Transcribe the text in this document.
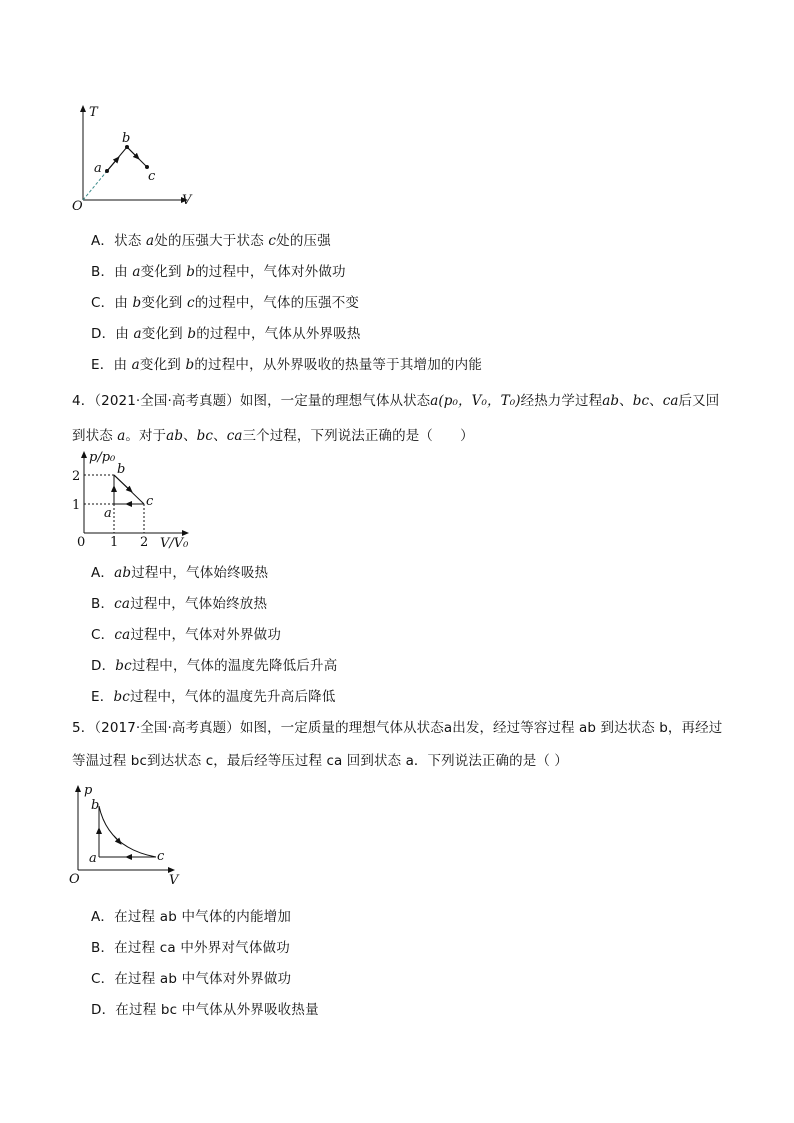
T
V
O
a
b
c
A．状态 a处的压强大于状态 c处的压强
B．由 a变化到 b的过程中，气体对外做功
C．由 b变化到 c的过程中，气体的压强不变
D．由 a变化到 b的过程中，气体从外界吸热
E．由 a变化到 b的过程中，从外界吸收的热量等于其增加的内能
4．（2021·全国·高考真题）如图，一定量的理想气体从状态a(p₀，V₀，T₀)经热力学过程ab、bc、ca后又回
到状态 a。对于ab、bc、ca三个过程，下列说法正确的是（　　）
p/p₀
V/V₀
0
2
1
1 2
a
b
c
A．ab过程中，气体始终吸热
B．ca过程中，气体始终放热
C．ca过程中，气体对外界做功
D．bc过程中，气体的温度先降低后升高
E．bc过程中，气体的温度先升高后降低
5．（2017·全国·高考真题）如图，一定质量的理想气体从状态a出发，经过等容过程 ab 到达状态 b，再经过
等温过程 bc到达状态 c，最后经等压过程 ca 回到状态 a．下列说法正确的是（ ）
p
V
O
a
b
c
A．在过程 ab 中气体的内能增加
B．在过程 ca 中外界对气体做功
C．在过程 ab 中气体对外界做功
D．在过程 bc 中气体从外界吸收热量
